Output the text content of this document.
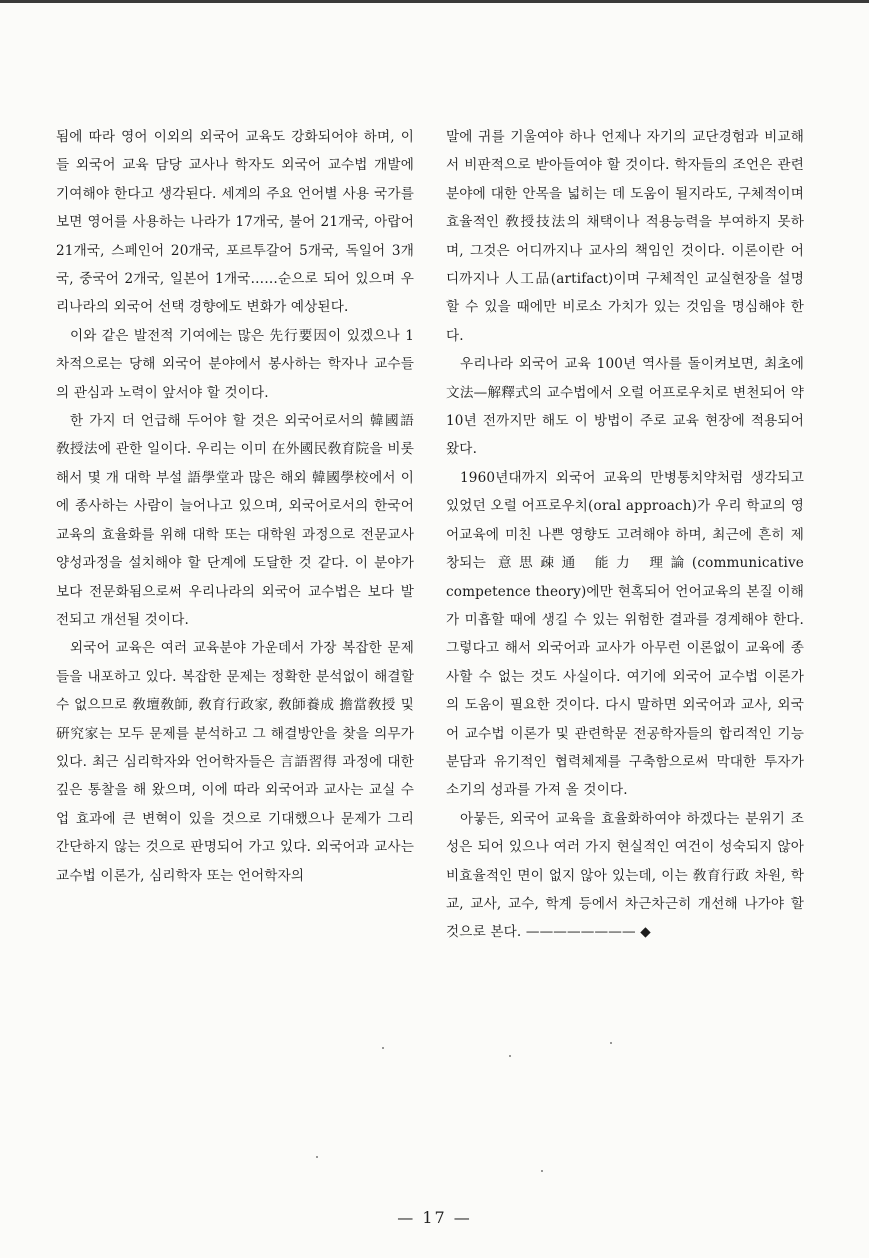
됨에 따라 영어 이외의 외국어 교육도 강화되어야 하며, 이들 외국어 교육 담당 교사나 학자도 외국어 교수법 개발에 기여해야 한다고 생각된다. 세계의 주요 언어별 사용 국가를 보면 영어를 사용하는 나라가 17개국, 불어 21개국, 아랍어 21개국, 스페인어 20개국, 포르투갈어 5개국, 독일어 3개국, 중국어 2개국, 일본어 1개국……순으로 되어 있으며 우리나라의 외국어 선택 경향에도 변화가 예상된다.

이와 같은 발전적 기여에는 많은 先行要因이 있겠으나 1차적으로는 당해 외국어 분야에서 봉사하는 학자나 교수들의 관심과 노력이 앞서야 할 것이다.

한 가지 더 언급해 두어야 할 것은 외국어로서의 韓國語 敎授法에 관한 일이다. 우리는 이미 在外國民敎育院을 비롯해서 몇 개 대학 부설 語學堂과 많은 해외 韓國學校에서 이에 종사하는 사람이 늘어나고 있으며, 외국어로서의 한국어 교육의 효율화를 위해 대학 또는 대학원 과정으로 전문교사 양성과정을 설치해야 할 단계에 도달한 것 같다. 이 분야가 보다 전문화됨으로써 우리나라의 외국어 교수법은 보다 발전되고 개선될 것이다.

외국어 교육은 여러 교육분야 가운데서 가장 복잡한 문제들을 내포하고 있다. 복잡한 문제는 정확한 분석없이 해결할 수 없으므로 敎壇敎師, 敎育行政家, 敎師養成 擔當敎授 및 硏究家는 모두 문제를 분석하고 그 해결방안을 찾을 의무가 있다. 최근 심리학자와 언어학자들은 言語習得 과정에 대한 깊은 통찰을 해 왔으며, 이에 따라 외국어과 교사는 교실 수업 효과에 큰 변혁이 있을 것으로 기대했으나 문제가 그리 간단하지 않는 것으로 판명되어 가고 있다. 외국어과 교사는 교수법 이론가, 심리학자 또는 언어학자의

말에 귀를 기울여야 하나 언제나 자기의 교단경험과 비교해서 비판적으로 받아들여야 할 것이다. 학자들의 조언은 관련분야에 대한 안목을 넓히는 데 도움이 될지라도, 구체적이며 효율적인 敎授技法의 채택이나 적용능력을 부여하지 못하며, 그것은 어디까지나 교사의 책임인 것이다. 이론이란 어디까지나 人工品(artifact)이며 구체적인 교실현장을 설명할 수 있을 때에만 비로소 가치가 있는 것임을 명심해야 한다.

우리나라 외국어 교육 100년 역사를 돌이켜보면, 최초에 文法—解釋式의 교수법에서 오럴 어프로우치로 변천되어 약 10년 전까지만 해도 이 방법이 주로 교육 현장에 적용되어 왔다.

1960년대까지 외국어 교육의 만병통치약처럼 생각되고 있었던 오럴 어프로우치(oral approach)가 우리 학교의 영어교육에 미친 나쁜 영향도 고려해야 하며, 최근에 흔히 제창되는 意思疎通 能力 理論(communicative competence theory)에만 현혹되어 언어교육의 본질 이해가 미흡할 때에 생길 수 있는 위험한 결과를 경계해야 한다. 그렇다고 해서 외국어과 교사가 아무런 이론없이 교육에 종사할 수 없는 것도 사실이다. 여기에 외국어 교수법 이론가의 도움이 필요한 것이다. 다시 말하면 외국어과 교사, 외국어 교수법 이론가 및 관련학문 전공학자들의 합리적인 기능 분담과 유기적인 협력체제를 구축함으로써 막대한 투자가 소기의 성과를 가져 올 것이다.

아뭏든, 외국어 교육을 효율화하여야 하겠다는 분위기 조성은 되어 있으나 여러 가지 현실적인 여건이 성숙되지 않아 비효율적인 면이 없지 않아 있는데, 이는 敎育行政 차원, 학교, 교사, 교수, 학계 등에서 차근차근히 개선해 나가야 할 것으로 본다. ———————— ◆

— 17 —
